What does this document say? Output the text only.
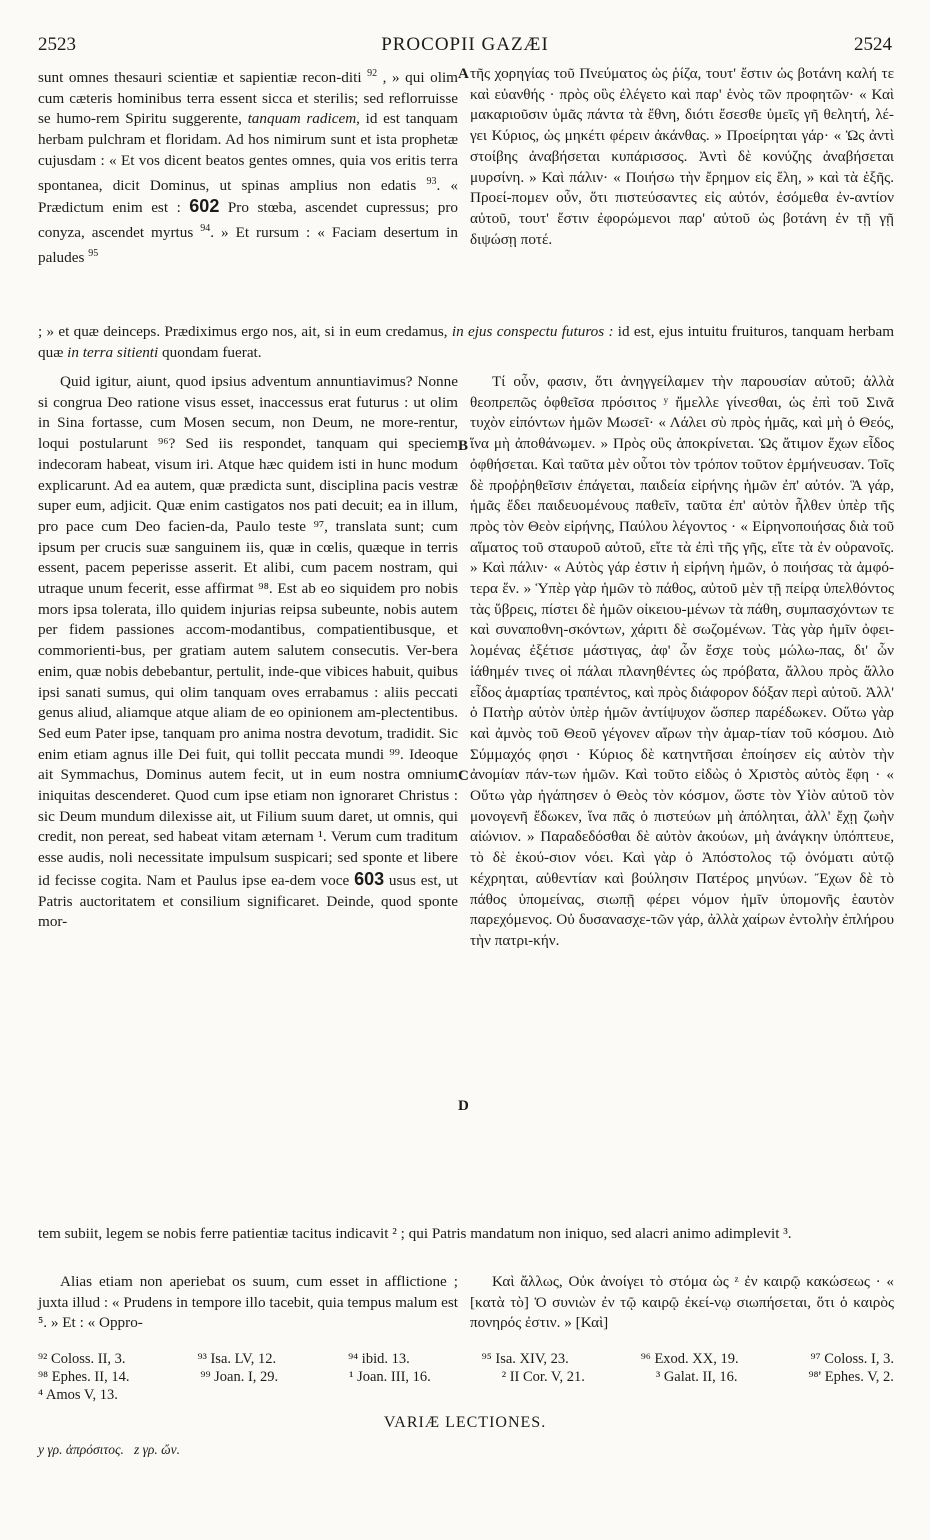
2523	PROCOPII GAZÆI	2524

sunt omnes thesauri scientiæ et sapientiæ recon-diti $^{92}$ , » qui olim cum cæteris hominibus terra essent sicca et sterilis; sed reflorruisse se humo-rem Spiritu suggerente, tanquam radicem, id est tanquam herbam pulchram et floridam. Ad hos nimirum sunt et ista prophetæ cujusdam : « Et vos dicent beatos gentes omnes, quia vos eritis terra spontanea, dicit Dominus, ut spinas amplius non edatis $^{93}$. « Prædictum enim est : 602 Pro stœba, ascendet cupressus; pro conyza, ascendet myrtus $^{94}$. » Et rursum : « Faciam desertum in paludes $^{95}$

A τῆς χορηγίας τοῦ Πνεύματος ὡς ῥίζα, τουτ' ἔστιν ὡς βοτάνη καλή τε καὶ εὐανθής · πρὸς οὓς ἐλέγετο καὶ παρ' ἑνὸς τῶν προφητῶν· « Καὶ μακαριοῦσιν ὑμᾶς πάντα τὰ ἔθνη, διότι ἔσεσθε ὑμεῖς γῆ θελητή, λέ-γει Κύριος, ὡς μηκέτι φέρειν ἀκάνθας. » Προείρηται γάρ· « Ὡς ἀντὶ στοίβης ἀναβήσεται κυπάρισσος. Ἀντὶ δὲ κονύζης ἀναβήσεται μυρσίνη. » Καὶ πάλιν· « Ποιήσω τὴν ἔρημον εἰς ἕλη, » καὶ τὰ ἑξῆς. Προεί-πομεν οὖν, ὅτι πιστεύσαντες εἰς αὐτόν, ἐσόμεθα ἐν-αντίον αὐτοῦ, τουτ' ἔστιν ἐφορώμενοι παρ' αὐτοῦ ὡς βοτάνη ἐν τῇ γῇ διψώσῃ ποτέ.

; » et quæ deinceps. Prædiximus ergo nos, ait, si in eum credamus, in ejus conspectu futuros : id est, ejus intuitu fruituros, tanquam herbam quæ in terra sitienti quondam fuerat.

Quid igitur, aiunt, quod ipsius adventum annuntiavimus? Nonne si congrua Deo ratione visus esset, inaccessus erat futurus : ut olim in Sina fortasse, cum Mosen secum, non Deum, ne more-rentur, loqui postularunt ⁹⁶? Sed iis respondet, tanquam qui speciem indecoram habeat, visum iri. Atque hæc quidem isti in hunc modum explicarunt. Ad ea autem, quæ prædicta sunt, disciplina pacis vestræ super eum, adjicit. Quæ enim castigatos nos pati decuit; ea in illum, pro pace cum Deo facien-da, Paulo teste ⁹⁷, translata sunt; cum ipsum per crucis suæ sanguinem iis, quæ in cœlis, quæque in terris essent, pacem peperisse asserit. Et alibi, cum pacem nostram, qui utraque unum fecerit, esse affirmat ⁹⁸. Est ab eo siquidem pro nobis mors ipsa tolerata, illo quidem injurias reipsa subeunte, nobis autem per fidem passiones accom-modantibus, compatientibusque, et commorienti-bus, per gratiam autem salutem consecutis. Ver-bera enim, quæ nobis debebantur, pertulit, inde-que vibices habuit, quibus ipsi sanati sumus, qui olim tanquam oves errabamus : aliis peccati genus aliud, aliamque atque aliam de eo opinionem am-plectentibus. Sed eum Pater ipse, tanquam pro anima nostra devotum, tradidit. Sic enim etiam agnus ille Dei fuit, qui tollit peccata mundi ⁹⁹. Ideoque ait Symmachus, Dominus autem fecit, ut in eum nostra omnium iniquitas descenderet. Quod cum ipse etiam non ignoraret Christus : sic Deum mundum dilexisse ait, ut Filium suum daret, ut omnis, qui credit, non pereat, sed habeat vitam æternam ¹. Verum cum traditum esse audis, noli necessitate impulsum suspicari; sed sponte et libere id fecisse cogita. Nam et Paulus ipse ea-dem voce 603 usus est, ut Patris auctoritatem et consilium significaret. Deinde, quod sponte mor-

B
C
D

Τί οὖν, φασιν, ὅτι ἀνηγγείλαμεν τὴν παρουσίαν αὐτοῦ; ἀλλὰ θεοπρεπῶς ὀφθεῖσα πρόσιτος ʸ ἤμελλε γίνεσθαι, ὡς ἐπὶ τοῦ Σινᾶ τυχὸν εἰπόντων ἡμῶν Μωσεῖ· « Λάλει σὺ πρὸς ἡμᾶς, καὶ μὴ ὁ Θεός, ἵνα μὴ ἀποθάνωμεν. » Πρὸς οὓς ἀποκρίνεται. Ὡς ἄτιμον ἔχων εἶδος ὀφθήσεται. Καὶ ταῦτα μὲν οὗτοι τὸν τρόπον τοῦτον ἑρμήνευσαν. Τοῖς δὲ προῤῥηθεῖσιν ἐπάγεται, παιδεία εἰρήνης ἡμῶν ἐπ' αὐτόν. Ἃ γάρ, ἡμᾶς ἔδει παιδευομένους παθεῖν, ταῦτα ἐπ' αὐτὸν ἦλθεν ὑπὲρ τῆς πρὸς τὸν Θεὸν εἰρήνης, Παύλου λέγοντος · « Εἰρηνοποιήσας διὰ τοῦ αἵματος τοῦ σταυροῦ αὐτοῦ, εἴτε τὰ ἐπὶ τῆς γῆς, εἴτε τὰ ἐν οὐρανοῖς. » Καὶ πάλιν· « Αὐτὸς γάρ ἐστιν ἡ εἰρήνη ἡμῶν, ὁ ποιήσας τὰ ἀμφό-τερα ἕν. » Ὑπὲρ γὰρ ἡμῶν τὸ πάθος, αὐτοῦ μὲν τῇ πείρᾳ ὑπελθόντος τὰς ὕβρεις, πίστει δὲ ἡμῶν οἰκειου-μένων τὰ πάθη, συμπασχόντων τε καὶ συναποθνη-σκόντων, χάριτι δὲ σωζομένων. Τὰς γὰρ ἡμῖν ὀφει-λομένας ἐξέτισε μάστιγας, ἀφ' ὧν ἔσχε τοὺς μώλω-πας, δι' ὧν ἰάθημέν τινες οἱ πάλαι πλανηθέντες ὡς πρόβατα, ἄλλου πρὸς ἄλλο εἶδος ἁμαρτίας τραπέντος, καὶ πρὸς διάφορον δόξαν περὶ αὐτοῦ. Ἀλλ' ὁ Πατὴρ αὐτὸν ὑπὲρ ἡμῶν ἀντίψυχον ὥσπερ παρέδωκεν. Οὕτω γὰρ καὶ ἀμνὸς τοῦ Θεοῦ γέγονεν αἴρων τὴν ἁμαρ-τίαν τοῦ κόσμου. Διὸ Σύμμαχός φησι · Κύριος δὲ κατηντῆσαι ἐποίησεν εἰς αὐτὸν τὴν ἀνομίαν πάν-των ἡμῶν. Καὶ τοῦτο εἰδὼς ὁ Χριστὸς αὐτὸς ἔφη · « Οὕτω γὰρ ἠγάπησεν ὁ Θεὸς τὸν κόσμον, ὥστε τὸν Υἱὸν αὐτοῦ τὸν μονογενῆ ἔδωκεν, ἵνα πᾶς ὁ πιστεύων μὴ ἀπόληται, ἀλλ' ἔχῃ ζωὴν αἰώνιον. » Παραδεδόσθαι δὲ αὐτὸν ἀκούων, μὴ ἀνάγκην ὑπόπτευε, τὸ δὲ ἑκού-σιον νόει. Καὶ γὰρ ὁ Ἀπόστολος τῷ ὀνόματι αὐτῷ κέχρηται, αὐθεντίαν καὶ βούλησιν Πατέρος μηνύων. Ἔχων δὲ τὸ πάθος ὑπομείνας, σιωπῇ φέρει νόμον ἡμῖν ὑπομονῆς ἑαυτὸν παρεχόμενος. Οὐ δυσανασχε-τῶν γάρ, ἀλλὰ χαίρων ἐντολὴν ἐπλήρου τὴν πατρι-κήν.

tem subiit, legem se nobis ferre patientiæ tacitus indicavit ² ; qui Patris mandatum non iniquo, sed alacri animo adimplevit ³.

Alias etiam non aperiebat os suum, cum esset in afflictione ; juxta illud : « Prudens in tempore illo tacebit, quia tempus malum est ⁵. » Et : « Oppro-

Καὶ ἄλλως, Οὐκ ἀνοίγει τὸ στόμα ὡς ᶻ ἐν καιρῷ κακώσεως · « [κατὰ τὸ] Ὁ συνιὼν ἐν τῷ καιρῷ ἐκεί-νῳ σιωπήσεται, ὅτι ὁ καιρὸς πονηρός ἐστιν. » [Καὶ]

⁹² Coloss. II, 3.	⁹³ Isa. LV, 12.	⁹⁴ ibid. 13.	⁹⁵ Isa. XIV, 23.	⁹⁶ Exod. XX, 19.	⁹⁷ Coloss. I, 3.
⁹⁸ Ephes. II, 14.	⁹⁹ Joan. I, 29.	¹ Joan. III, 16.	² II Cor. V, 21.	³ Galat. II, 16.	⁹⁸' Ephes. V, 2.
⁴ Amos V, 13.
VARIÆ LECTIONES.
y γρ. ἀπρόσιτος.   z γρ. ὤν.
